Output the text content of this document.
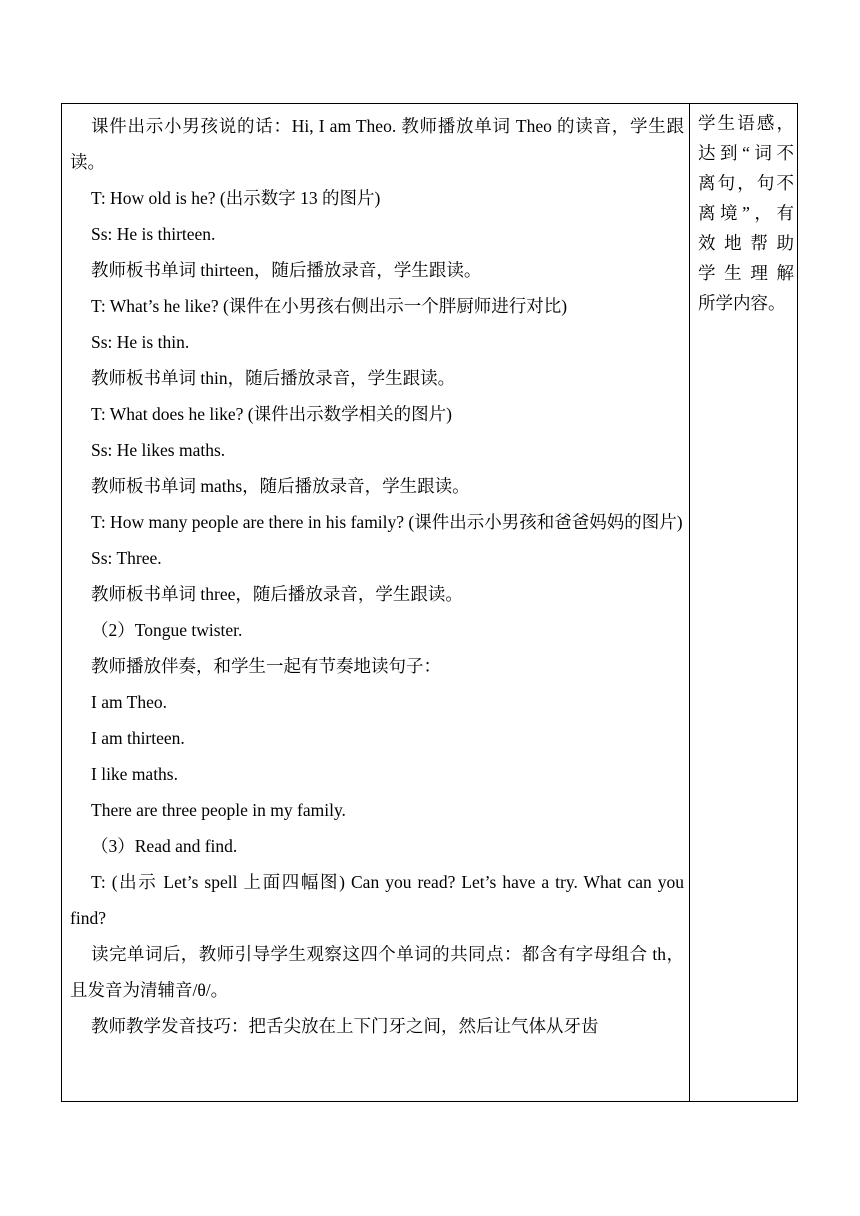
课件出示小男孩说的话：Hi, I am Theo. 教师播放单词 Theo 的读音，学生跟读。

T: How old is he? (出示数字 13 的图片)

Ss: He is thirteen.

教师板书单词 thirteen，随后播放录音，学生跟读。

T: What’s he like? (课件在小男孩右侧出示一个胖厨师进行对比)

Ss: He is thin.

教师板书单词 thin，随后播放录音，学生跟读。

T: What does he like? (课件出示数学相关的图片)

Ss: He likes maths.

教师板书单词 maths，随后播放录音，学生跟读。

T: How many people are there in his family? (课件出示小男孩和爸爸妈妈的图片)

Ss: Three.

教师板书单词 three，随后播放录音，学生跟读。

（2）Tongue twister.

教师播放伴奏，和学生一起有节奏地读句子：

I am Theo.

I am thirteen.

I like maths.

There are three people in my family.

（3）Read and find.

T: (出示 Let’s spell 上面四幅图) Can you read? Let’s have a try. What can you find?

读完单词后，教师引导学生观察这四个单词的共同点：都含有字母组合 th，且发音为清辅音/θ/。

教师教学发音技巧：把舌尖放在上下门牙之间，然后让气体从牙齿

学生语感，
达到“词不
离句，句不
离境”，有
效地帮助
学生理解
所学内容。
